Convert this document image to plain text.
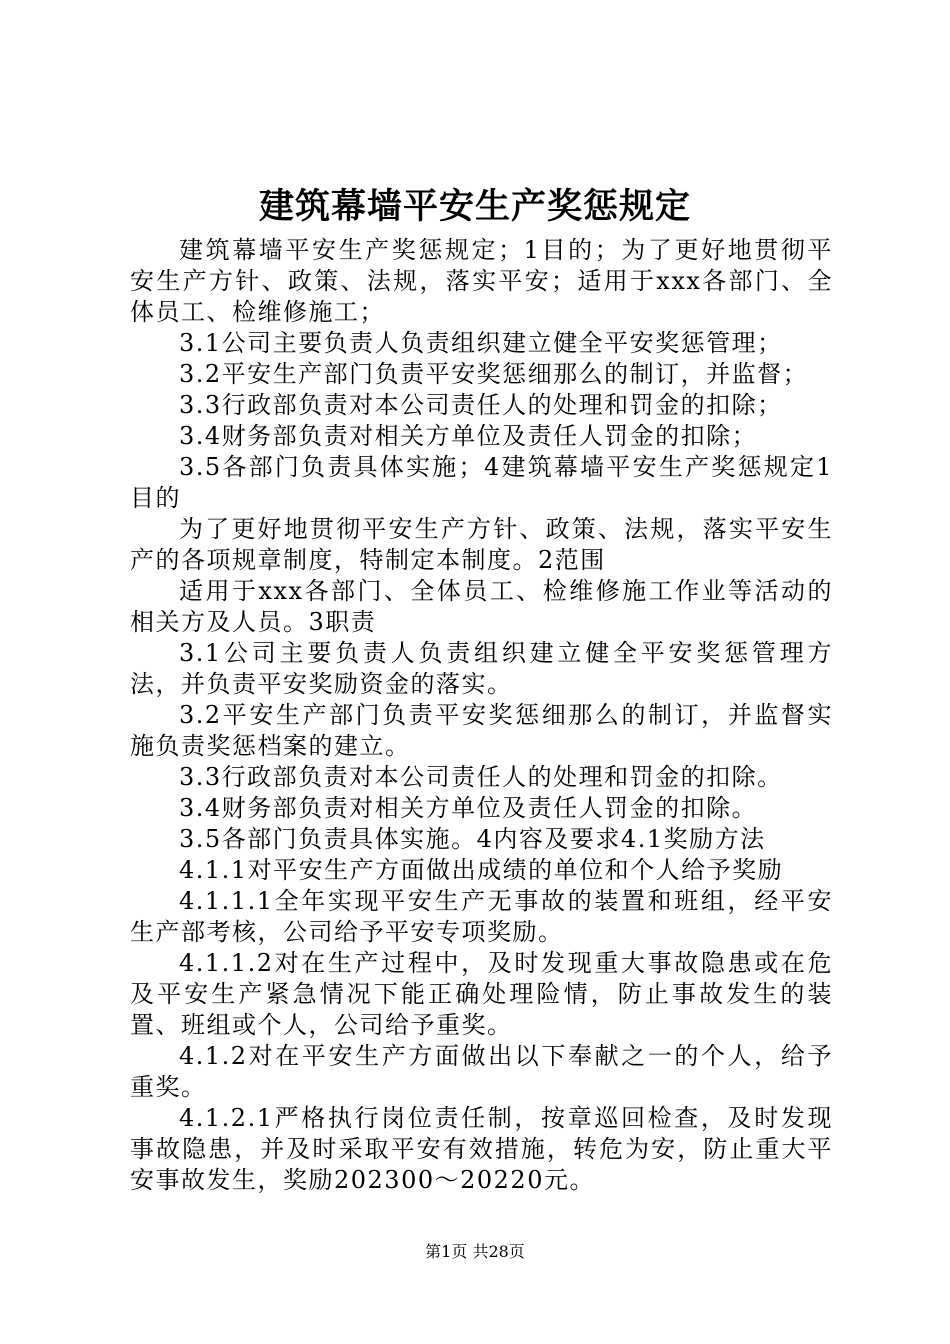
建筑幕墙平安生产奖惩规定

建筑幕墙平安生产奖惩规定；1目的；为了更好地贯彻平安生产方针、政策、法规，落实平安；适用于xxx各部门、全体员工、检维修施工；

3.1公司主要负责人负责组织建立健全平安奖惩管理；

3.2平安生产部门负责平安奖惩细那么的制订，并监督；

3.3行政部负责对本公司责任人的处理和罚金的扣除；

3.4财务部负责对相关方单位及责任人罚金的扣除；

3.5各部门负责具体实施；4建筑幕墙平安生产奖惩规定1目的

为了更好地贯彻平安生产方针、政策、法规，落实平安生产的各项规章制度，特制定本制度。2范围

适用于xxx各部门、全体员工、检维修施工作业等活动的相关方及人员。3职责

3.1公司主要负责人负责组织建立健全平安奖惩管理方法，并负责平安奖励资金的落实。

3.2平安生产部门负责平安奖惩细那么的制订，并监督实施负责奖惩档案的建立。

3.3行政部负责对本公司责任人的处理和罚金的扣除。

3.4财务部负责对相关方单位及责任人罚金的扣除。

3.5各部门负责具体实施。4内容及要求4.1奖励方法

4.1.1对平安生产方面做出成绩的单位和个人给予奖励

4.1.1.1全年实现平安生产无事故的装置和班组，经平安生产部考核，公司给予平安专项奖励。

4.1.1.2对在生产过程中，及时发现重大事故隐患或在危及平安生产紧急情况下能正确处理险情，防止事故发生的装置、班组或个人，公司给予重奖。

4.1.2对在平安生产方面做出以下奉献之一的个人，给予重奖。

4.1.2.1严格执行岗位责任制，按章巡回检查，及时发现事故隐患，并及时采取平安有效措施，转危为安，防止重大平安事故发生，奖励202300～20220元。

第1页 共28页
